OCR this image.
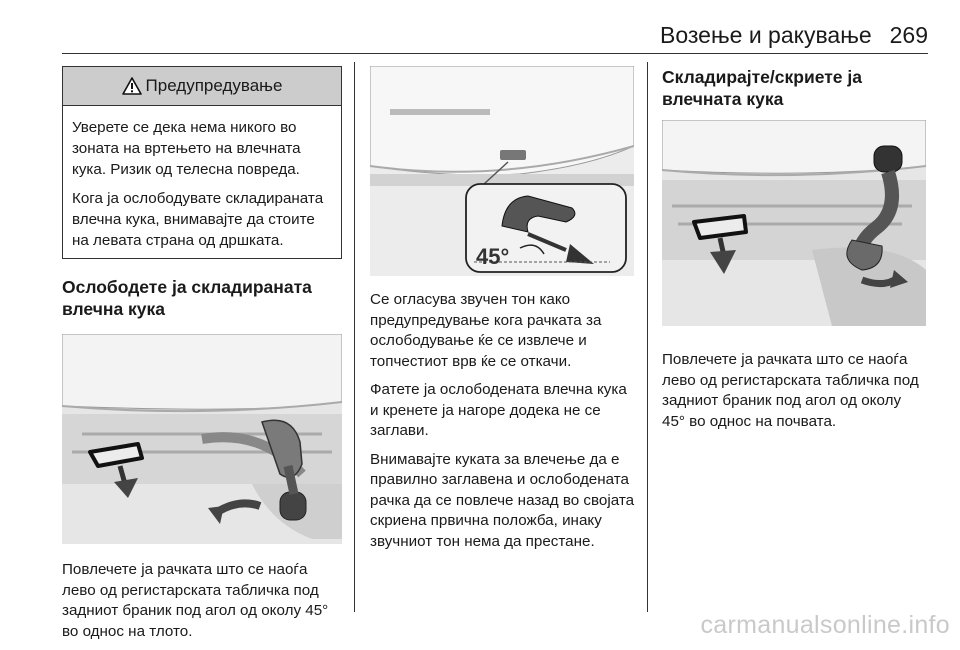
Возење и ракување 269
Предупредување

Уверете се дека нема никого во зоната на вртењето на влечната кука. Ризик од телесна повреда.

Кога ја ослободувате складираната влечна кука, внимавајте да стоите на левата страна од дршката.

Ослободете ја складираната влечна кука

Повлечете ја рачката што се наоѓа лево од регистарската табличка под задниот браник под агол од околу 45° во однос на тлото.

45°

Се огласува звучен тон како предупредување кога рачката за ослободување ќе се извлече и топчестиот врв ќе се откачи.

Фатете ја ослободената влечна кука и кренете ја нагоре додека не се заглави.

Внимавајте куката за влечење да е правилно заглавена и ослободената рачка да се повлече назад во својата скриена првична положба, инаку звучниот тон нема да престане.

Складирајте/скриете ја влечната кука

Повлечете ја рачката што се наоѓа лево од регистарската табличка под задниот браник под агол од околу 45° во однос на почвата.

carmanualsonline.info
